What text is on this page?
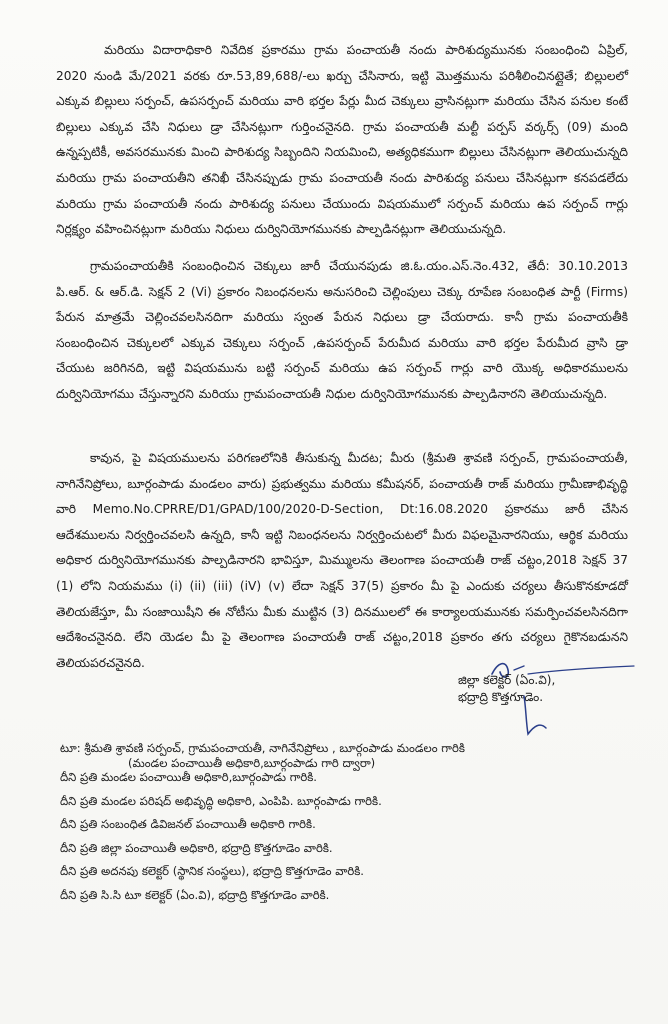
మరియు విదారాధికారి నివేదిక ప్రకారము గ్రామ పంచాయతీ నందు పారిశుద్యమునకు సంబంధించి ఏప్రిల్, 2020 నుండి మే/2021 వరకు రూ.53,89,688/-లు ఖర్చు చేసినారు, ఇట్టి మొత్తమును పరిశీలించినట్లైతే; బిల్లులలో ఎక్కువ బిల్లులు సర్పంచ్, ఉపసర్పంచ్ మరియు వారి భర్తల పేర్లు మీద చెక్కులు వ్రాసినట్లుగా మరియు చేసిన పనుల కంటే బిల్లులు ఎక్కువ చేసి నిధులు డ్రా చేసినట్లుగా గుర్తించనైనది. గ్రామ పంచాయతీ మల్టీ పర్పస్ వర్కర్స్ (09) మంది ఉన్నప్పటికీ, అవసరమునకు మించి పారిశుద్య సిబ్బందిని నియమించి, అత్యధికముగా బిల్లులు చేసినట్లుగా తెలియుచున్నది మరియు గ్రామ పంచాయతీని తనిఖీ చేసినప్పుడు గ్రామ పంచాయతీ నందు పారిశుద్య పనులు చేసినట్లుగా కనపడలేదు మరియు గ్రామ పంచాయతీ నందు పారిశుద్య పనులు చేయుందు విషయములో సర్పంచ్ మరియు ఉప సర్పంచ్ గార్లు నిర్లక్ష్యం వహించినట్లుగా మరియు నిధులు దుర్వినియోగమునకు పాల్పడినట్లుగా తెలియుచున్నది.

గ్రామపంచాయతీకి సంబంధించిన చెక్కులు జారీ చేయునపుడు జి.ఓ.యం.ఎస్.నెం.432, తేదీ: 30.10.2013 పి.ఆర్. & ఆర్.డి. సెక్షన్ 2 (Vi) ప్రకారం నిబంధనలను అనుసరించి చెల్లింపులు చెక్కు రూపేణ సంబంధిత పార్టీ (Firms) పేరున మాత్రమే చెల్లించవలసినదిగా మరియు స్వంత పేరున నిధులు డ్రా చేయరాదు. కానీ గ్రామ పంచాయతీకి సంబంధించిన చెక్కులలో ఎక్కువ చెక్కులు సర్పంచ్ ,ఉపసర్పంచ్ పేరుమీద మరియు వారి భర్తల పేరుమీద వ్రాసి డ్రా చేయుట జరిగినది, ఇట్టి విషయమును బట్టి సర్పంచ్ మరియు ఉప సర్పంచ్ గార్లు వారి యొక్క అధికారములను దుర్వినియోగము చేస్తున్నారని మరియు గ్రామపంచాయతీ నిధుల దుర్వినియోగమునకు పాల్పడినారని తెలియుచున్నది.

కావున, పై విషయములను పరిగణలోనికి తీసుకున్న మీదట; మీరు (శ్రీమతి శ్రావణి సర్పంచ్, గ్రామపంచాయతీ, నాగినేనిప్రోలు, బూర్గంపాడు మండలం వారు) ప్రభుత్వము మరియు కమీషనర్, పంచాయతీ రాజ్ మరియు గ్రామీణాభివృద్ధి వారి Memo.No.CPRRE/D1/GPAD/100/2020-D-Section, Dt:16.08.2020 ప్రకారము జారీ చేసిన ఆదేశములను నిర్వర్తించవలసి ఉన్నది, కానీ ఇట్టి నిబంధనలను నిర్వర్తించుటలో మీరు విఫలమైనారనియు, ఆర్థిక మరియు అధికార దుర్వినియోగమునకు పాల్పడినారని భావిస్తూ, మిమ్ములను తెలంగాణ పంచాయతీ రాజ్ చట్టం,2018 సెక్షన్ 37 (1) లోని నియమము (i) (ii) (iii) (iV) (v) లేదా సెక్షన్ 37(5) ప్రకారం మీ పై ఎందుకు చర్యలు తీసుకొనకూడదో తెలియజేస్తూ, మీ సంజాయిషీని ఈ నోటీసు మీకు ముట్టిన (3) దినములలో ఈ కార్యాలయమునకు సమర్పించవలసినదిగా ఆదేశించనైనది. లేని యెడల మీ పై తెలంగాణ పంచాయతీ రాజ్ చట్టం,2018 ప్రకారం తగు చర్యలు గైకొనబడునని తెలియపరచనైనది.

జిల్లా కలెక్టర్ (ఏం.వి),
భద్రాద్రి కొత్తగూడెం.
టూ: శ్రీమతి శ్రావణి సర్పంచ్, గ్రామపంచాయతీ, నాగినేనిప్రోలు , బూర్గంపాడు మండలం గారికి
(మండల పంచాయితీ అధికారి,బూర్గంపాడు గారి ద్వారా)
దీని ప్రతి మండల పంచాయితీ అధికారి,బూర్గంపాడు గారికి.
దీని ప్రతి మండల పరిషద్ అభివృద్ధి అధికారి, ఎంపిపి. బూర్గంపాడు గారికి.
దీని ప్రతి సంబంధిత డివిజనల్ పంచాయితీ అధికారి గారికి.
దీని ప్రతి జిల్లా పంచాయితీ అధికారి, భద్రాద్రి కొత్తగూడెం వారికి.
దీని ప్రతి అదనపు కలెక్టర్ (స్థానిక సంస్థలు), భద్రాద్రి కొత్తగూడెం వారికి.
దీని ప్రతి సి.సి టూ కలెక్టర్ (ఏం.వి), భద్రాద్రి కొత్తగూడెం వారికి.
